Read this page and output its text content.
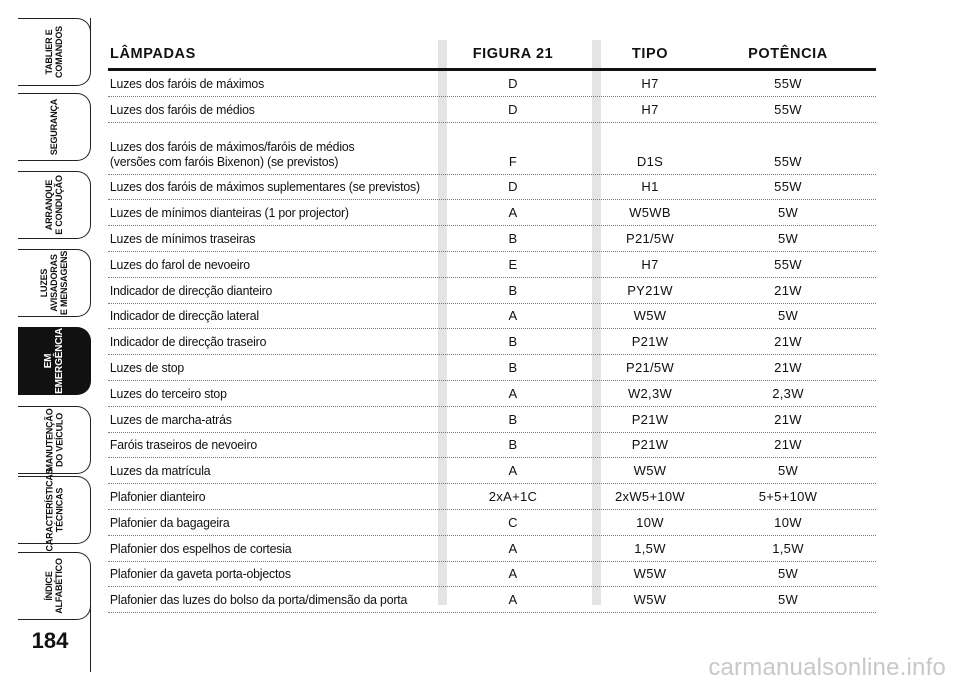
TABLIER E
COMANDOS
SEGURANÇA
ARRANQUE
E CONDUÇÃO
LUZES
AVISADORAS
E MENSAGENS
EM
EMERGÊNCIA
MANUTENÇÃO
DO VEÍCULO
CARACTERÍSTICAS
TÉCNICAS
ÍNDICE
ALFABÉTICO
184
LÂMPADAS	FIGURA 21	TIPO	POTÊNCIA
Luzes dos faróis de máximos	D	H7	55W
Luzes dos faróis de médios	D	H7	55W
Luzes dos faróis de máximos/faróis de médios
(versões com faróis Bixenon) (se previstos)	F	D1S	55W
Luzes dos faróis de máximos suplementares (se previstos)	D	H1	55W
Luzes de mínimos dianteiras (1 por projector)	A	W5WB	5W
Luzes de mínimos traseiras	B	P21/5W	5W
Luzes do farol de nevoeiro	E	H7	55W
Indicador de direcção dianteiro	B	PY21W	21W
Indicador de direcção lateral	A	W5W	5W
Indicador de direcção traseiro	B	P21W	21W
Luzes de stop	B	P21/5W	21W
Luzes do terceiro stop	A	W2,3W	2,3W
Luzes de marcha-atrás	B	P21W	21W
Faróis traseiros de nevoeiro	B	P21W	21W
Luzes da matrícula	A	W5W	5W
Plafonier dianteiro	2xA+1C	2xW5+10W	5+5+10W
Plafonier da bagageira	C	10W	10W
Plafonier dos espelhos de cortesia	A	1,5W	1,5W
Plafonier da gaveta porta-objectos	A	W5W	5W
Plafonier das luzes do bolso da porta/dimensão da porta	A	W5W	5W
carmanualsonline.info
